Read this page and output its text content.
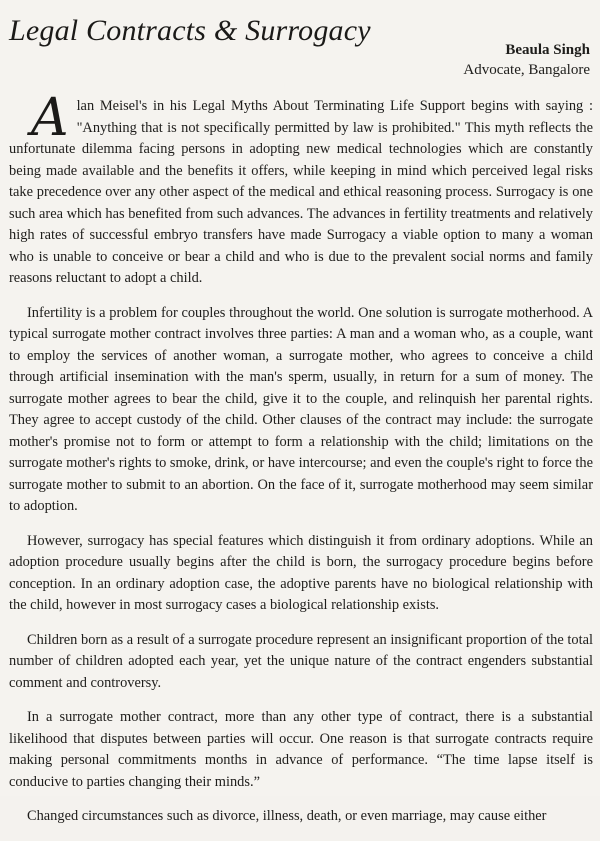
Legal Contracts & Surrogacy
Beaula Singh
Advocate, Bangalore

Alan Meisel's in his Legal Myths About Terminating Life Support begins with saying : "Anything that is not specifically permitted by law is prohibited." This myth reflects the unfortunate dilemma facing persons in adopting new medical technologies which are constantly being made available and the benefits it offers, while keeping in mind which perceived legal risks take precedence over any other aspect of the medical and ethical reasoning process. Surrogacy is one such area which has benefited from such advances. The advances in fertility treatments and relatively high rates of successful embryo transfers have made Surrogacy a viable option to many a woman who is unable to conceive or bear a child and who is due to the prevalent social norms and family reasons reluctant to adopt a child.

Infertility is a problem for couples throughout the world. One solution is surrogate motherhood. A typical surrogate mother contract involves three parties: A man and a woman who, as a couple, want to employ the services of another woman, a surrogate mother, who agrees to conceive a child through artificial insemination with the man's sperm, usually, in return for a sum of money. The surrogate mother agrees to bear the child, give it to the couple, and relinquish her parental rights. They agree to accept custody of the child. Other clauses of the contract may include: the surrogate mother's promise not to form or attempt to form a relationship with the child; limitations on the surrogate mother's rights to smoke, drink, or have intercourse; and even the couple's right to force the surrogate mother to submit to an abortion. On the face of it, surrogate motherhood may seem similar to adoption.

However, surrogacy has special features which distinguish it from ordinary adoptions. While an adoption procedure usually begins after the child is born, the surrogacy procedure begins before conception. In an ordinary adoption case, the adoptive parents have no biological relationship with the child, however in most surrogacy cases a biological relationship exists.

Children born as a result of a surrogate procedure represent an insignificant proportion of the total number of children adopted each year, yet the unique nature of the contract engenders substantial comment and controversy.

In a surrogate mother contract, more than any other type of contract, there is a substantial likelihood that disputes between parties will occur. One reason is that surrogate contracts require making personal commitments months in advance of performance. “The time lapse itself is conducive to parties changing their minds.”

Changed circumstances such as divorce, illness, death, or even marriage, may cause either
